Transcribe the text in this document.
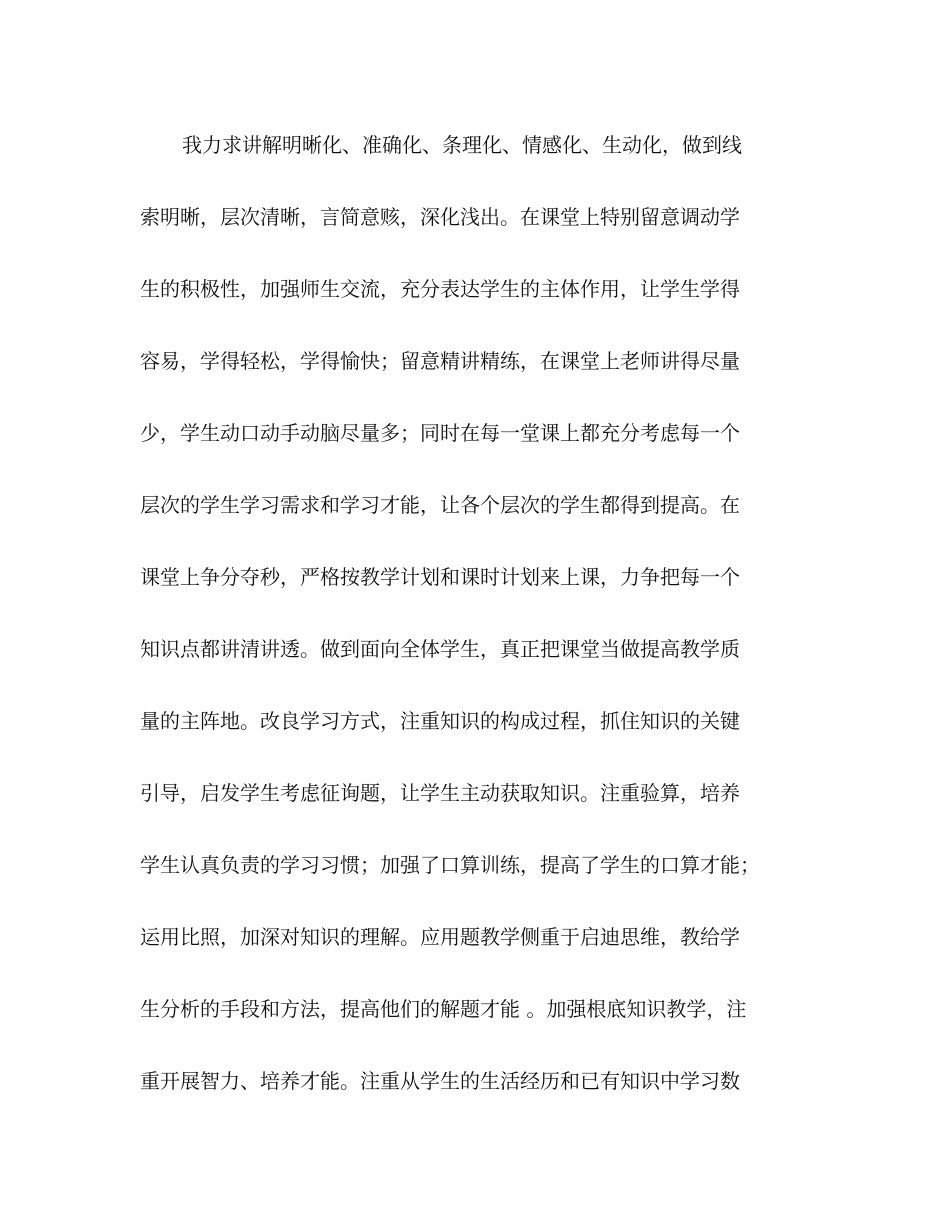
我力求讲解明晰化、准确化、条理化、情感化、生动化，做到线
索明晰，层次清晰，言简意赅，深化浅出。在课堂上特别留意调动学
生的积极性，加强师生交流，充分表达学生的主体作用，让学生学得
容易，学得轻松，学得愉快；留意精讲精练，在课堂上老师讲得尽量
少，学生动口动手动脑尽量多；同时在每一堂课上都充分考虑每一个
层次的学生学习需求和学习才能，让各个层次的学生都得到提高。在
课堂上争分夺秒，严格按教学计划和课时计划来上课，力争把每一个
知识点都讲清讲透。做到面向全体学生，真正把课堂当做提高教学质
量的主阵地。改良学习方式，注重知识的构成过程，抓住知识的关键
引导，启发学生考虑征询题，让学生主动获取知识。注重验算，培养
学生认真负责的学习习惯；加强了口算训练，提高了学生的口算才能；
运用比照，加深对知识的理解。应用题教学侧重于启迪思维，教给学
生分析的手段和方法，提高他们的解题才能 。加强根底知识教学，注
重开展智力、培养才能。注重从学生的生活经历和已有知识中学习数
